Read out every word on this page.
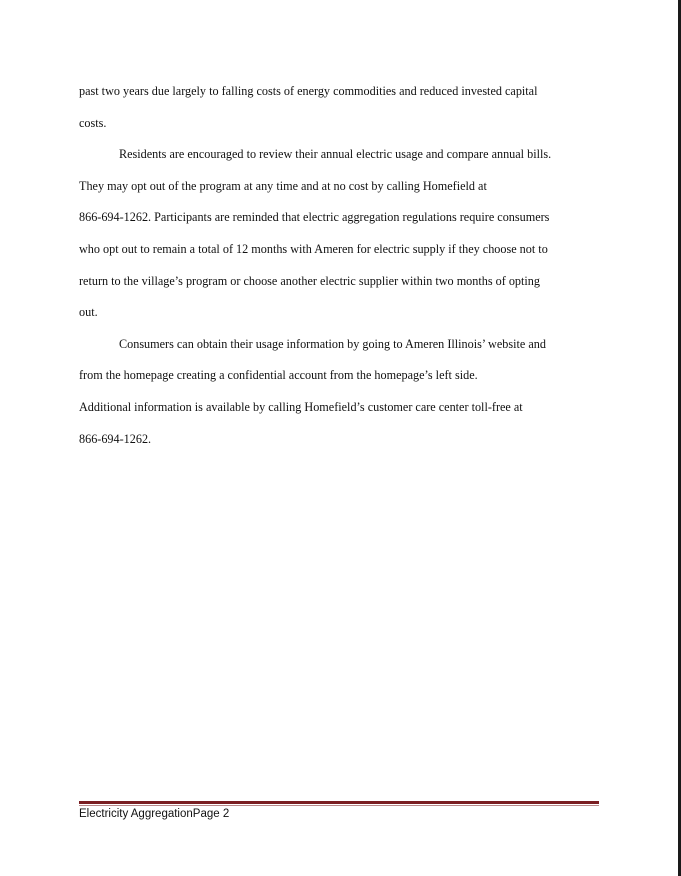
past two years due largely to falling costs of energy commodities and reduced invested capital
costs.
Residents are encouraged to review their annual electric usage and compare annual bills.
They may opt out of the program at any time and at no cost by calling Homefield at
866-694-1262. Participants are reminded that electric aggregation regulations require consumers
who opt out to remain a total of 12 months with Ameren for electric supply if they choose not to
return to the village’s program or choose another electric supplier within two months of opting
out.
Consumers can obtain their usage information by going to Ameren Illinois’ website and
from the homepage creating a confidential account from the homepage’s left side.
Additional information is available by calling Homefield’s customer care center toll-free at
866-694-1262.
Electricity AggregationPage 2
